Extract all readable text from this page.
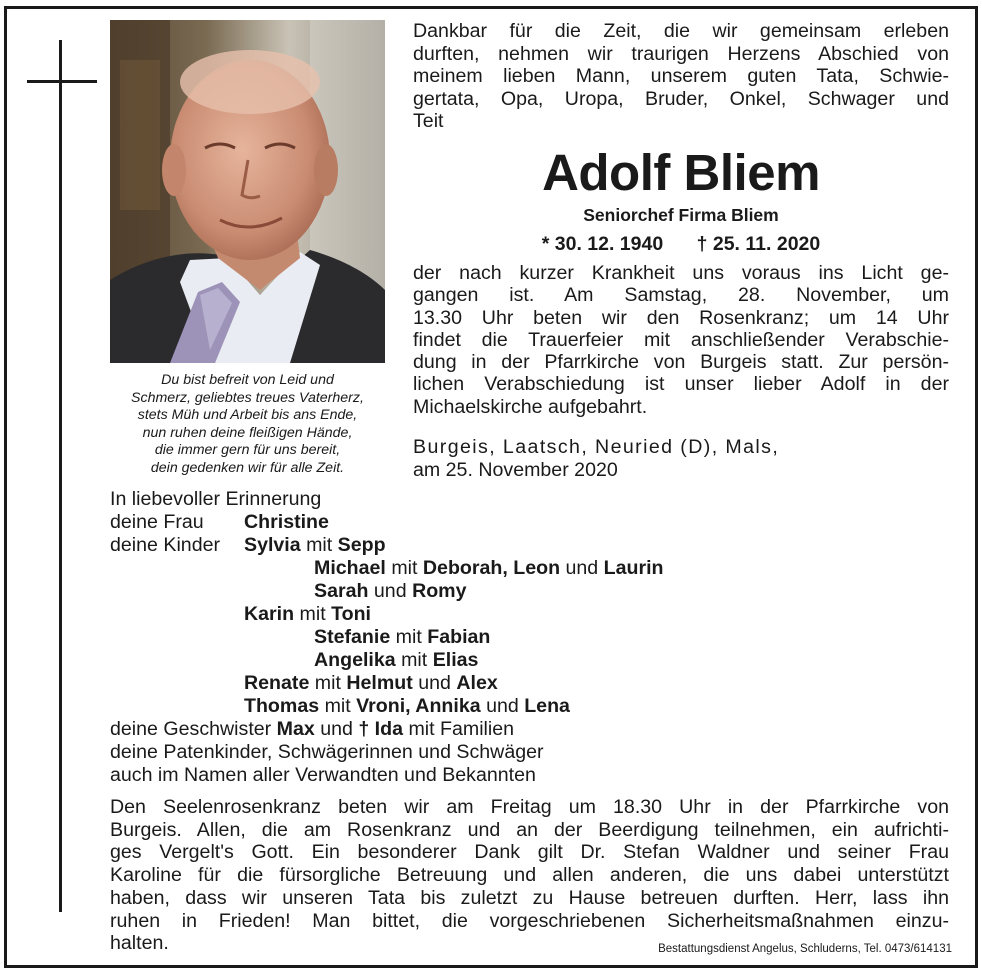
Du bist befreit von Leid und
Schmerz, geliebtes treues Vaterherz,
stets Müh und Arbeit bis ans Ende,
nun ruhen deine fleißigen Hände,
die immer gern für uns bereit,
dein gedenken wir für alle Zeit.
Dankbar für die Zeit, die wir gemeinsam erleben
durften, nehmen wir traurigen Herzens Abschied von
meinem lieben Mann, unserem guten Tata, Schwie-
gertata, Opa, Uropa, Bruder, Onkel, Schwager und
Teit
Adolf Bliem
Seniorchef Firma Bliem
* 30. 12. 1940 † 25. 11. 2020
der nach kurzer Krankheit uns voraus ins Licht ge-
gangen ist. Am Samstag, 28. November, um
13.30 Uhr beten wir den Rosenkranz; um 14 Uhr
findet die Trauerfeier mit anschließender Verabschie-
dung in der Pfarrkirche von Burgeis statt. Zur persön-
lichen Verabschiedung ist unser lieber Adolf in der
Michaelskirche aufgebahrt.
Burgeis, Laatsch, Neuried (D), Mals,
am 25. November 2020
In liebevoller Erinnerung
deine Frau Christine
deine Kinder Sylvia mit Sepp
Michael mit Deborah, Leon und Laurin
Sarah und Romy
Karin mit Toni
Stefanie mit Fabian
Angelika mit Elias
Renate mit Helmut und Alex
Thomas mit Vroni, Annika und Lena
deine Geschwister Max und † Ida mit Familien
deine Patenkinder, Schwägerinnen und Schwäger
auch im Namen aller Verwandten und Bekannten
Den Seelenrosenkranz beten wir am Freitag um 18.30 Uhr in der Pfarrkirche von
Burgeis. Allen, die am Rosenkranz und an der Beerdigung teilnehmen, ein aufrichti-
ges Vergelt's Gott. Ein besonderer Dank gilt Dr. Stefan Waldner und seiner Frau
Karoline für die fürsorgliche Betreuung und allen anderen, die uns dabei unterstützt
haben, dass wir unseren Tata bis zuletzt zu Hause betreuen durften. Herr, lass ihn
ruhen in Frieden! Man bittet, die vorgeschriebenen Sicherheitsmaßnahmen einzu-
halten.	Bestattungsdienst Angelus, Schluderns, Tel. 0473/614131
